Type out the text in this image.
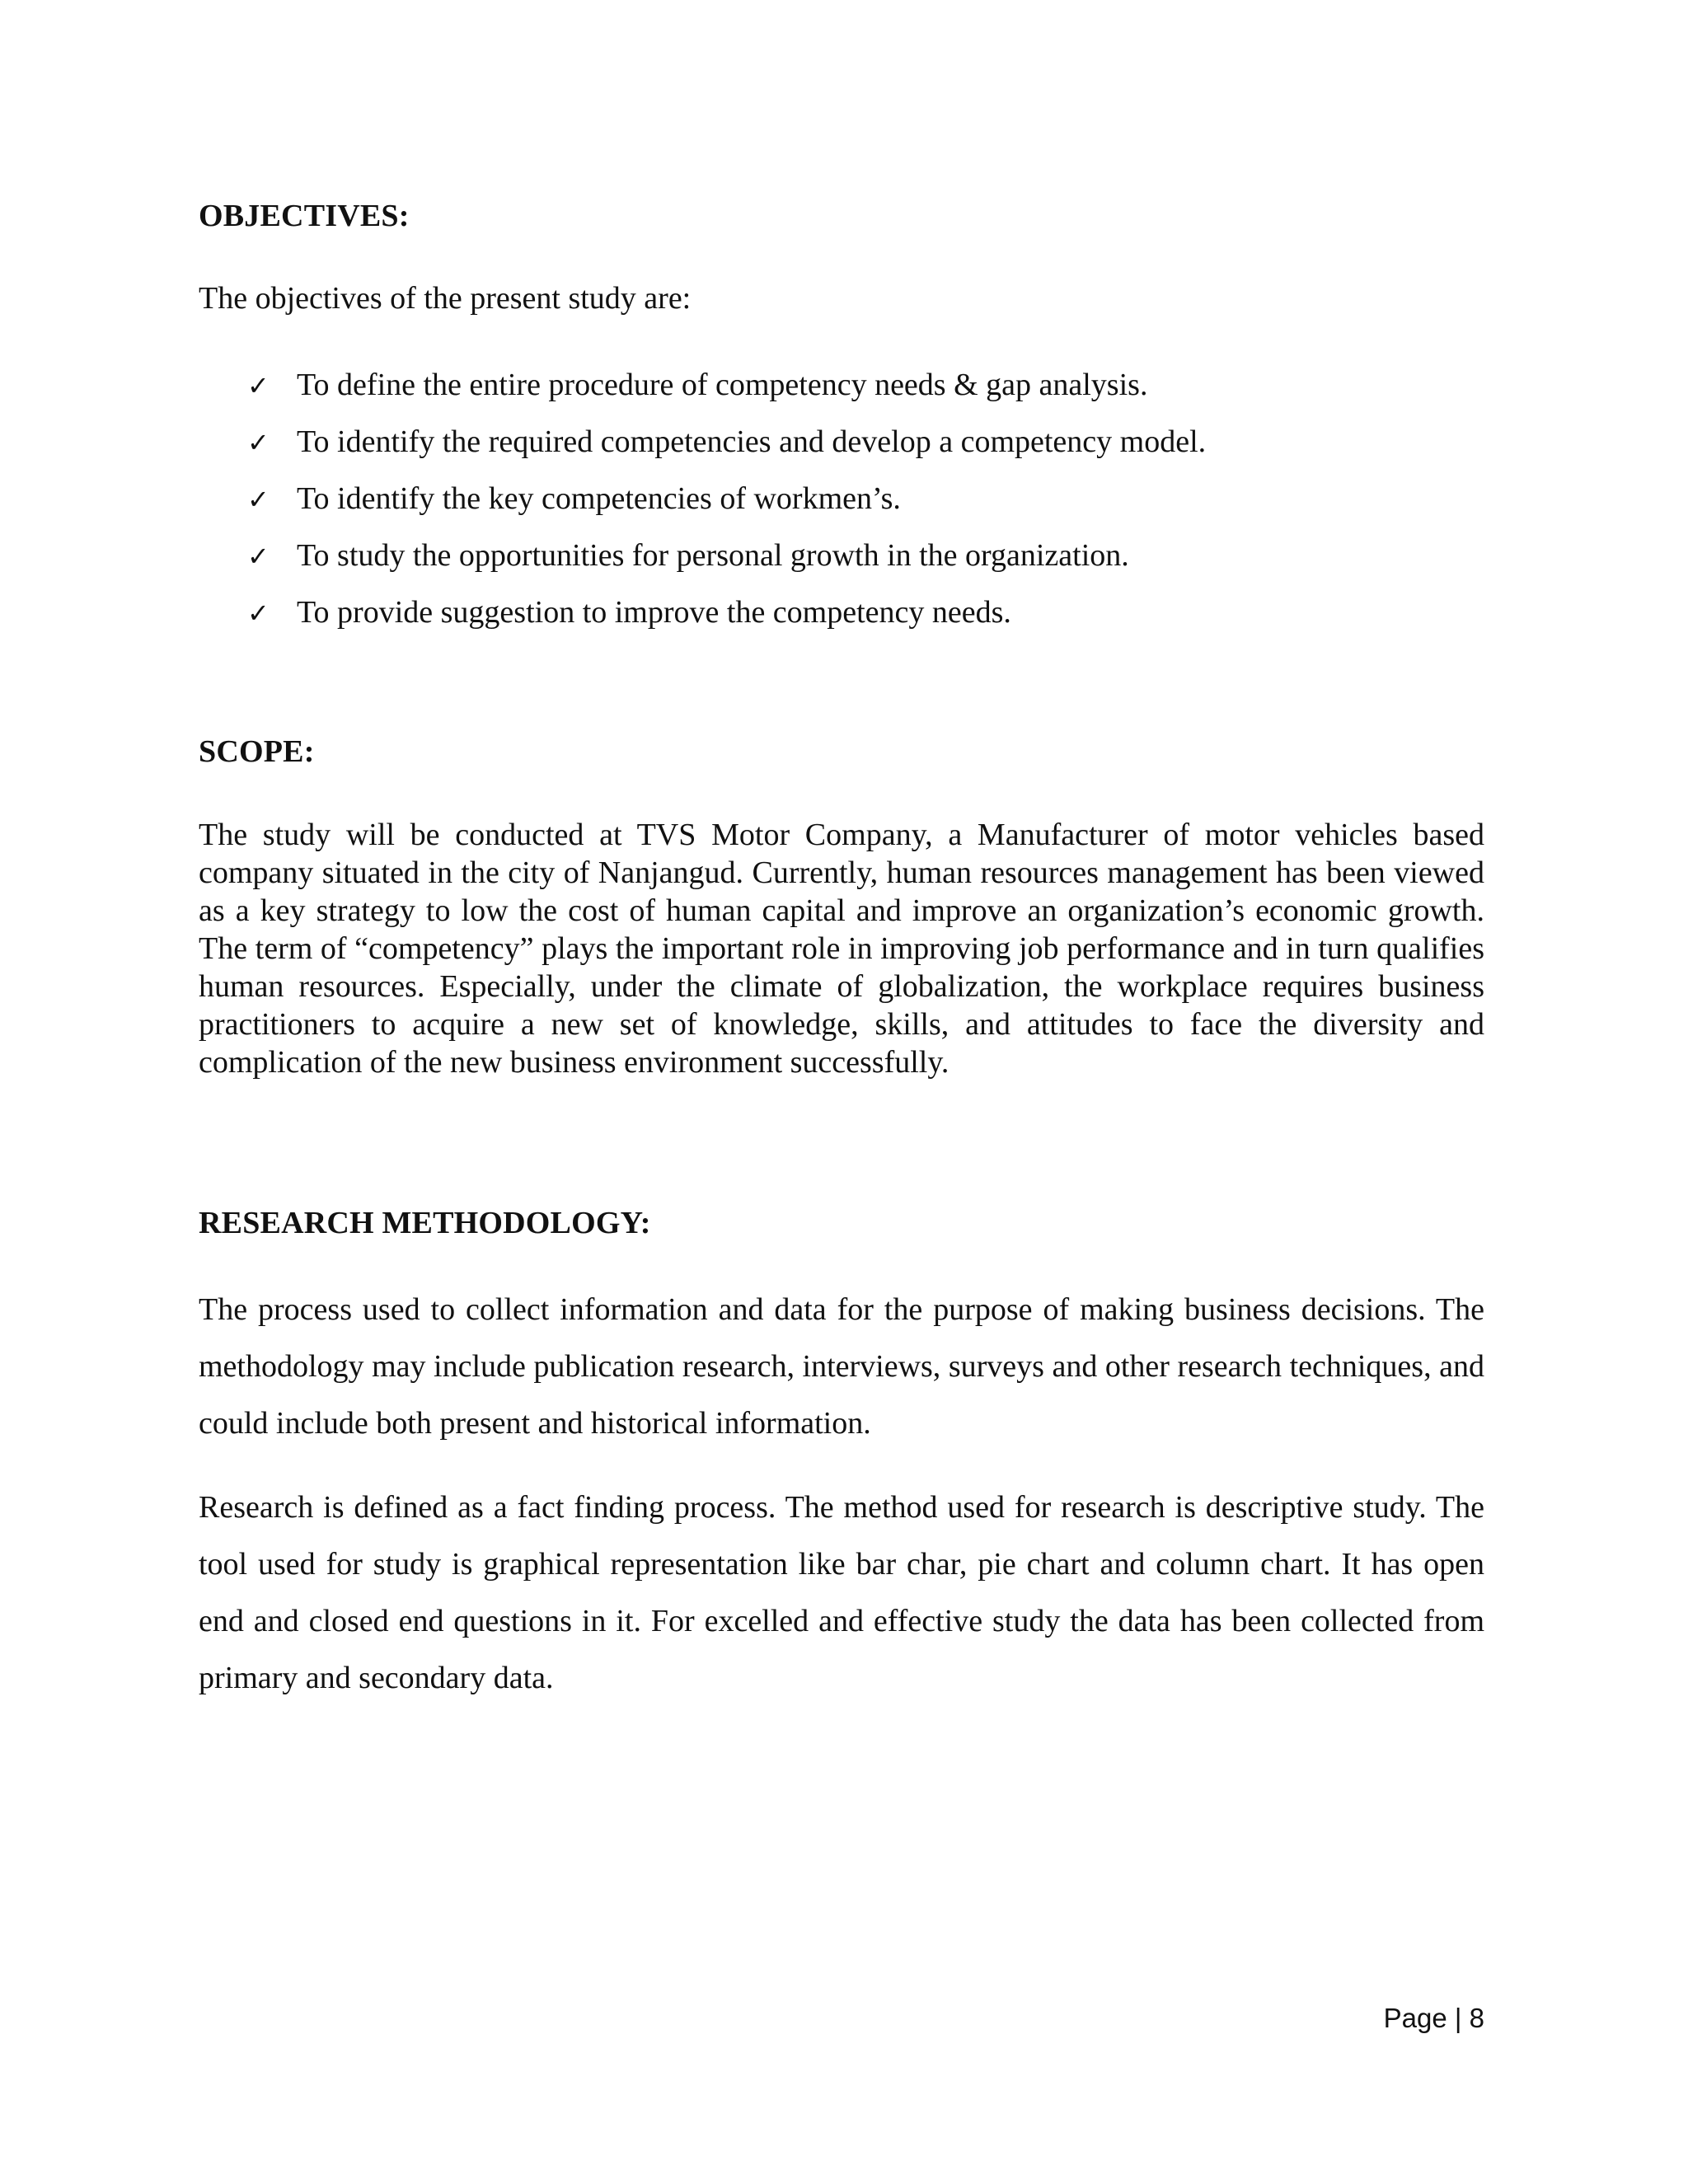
OBJECTIVES:

The objectives of the present study are:

✓ To define the entire procedure of competency needs & gap analysis.
✓ To identify the required competencies and develop a competency model.
✓ To identify the key competencies of workmen’s.
✓ To study the opportunities for personal growth in the organization.
✓ To provide suggestion to improve the competency needs.
SCOPE:

The study will be conducted at TVS Motor Company, a Manufacturer of motor vehicles based company situated in the city of Nanjangud. Currently, human resources management has been viewed as a key strategy to low the cost of human capital and improve an organization’s economic growth. The term of “competency” plays the important role in improving job performance and in turn qualifies human resources. Especially, under the climate of globalization, the workplace requires business practitioners to acquire a new set of knowledge, skills, and attitudes to face the diversity and complication of the new business environment successfully.

RESEARCH METHODOLOGY:

The process used to collect information and data for the purpose of making business decisions. The methodology may include publication research, interviews, surveys and other research techniques, and could include both present and historical information.

Research is defined as a fact finding process. The method used for research is descriptive study. The tool used for study is graphical representation like bar char, pie chart and column chart. It has open end and closed end questions in it. For excelled and effective study the data has been collected from primary and secondary data.

Page | 8
